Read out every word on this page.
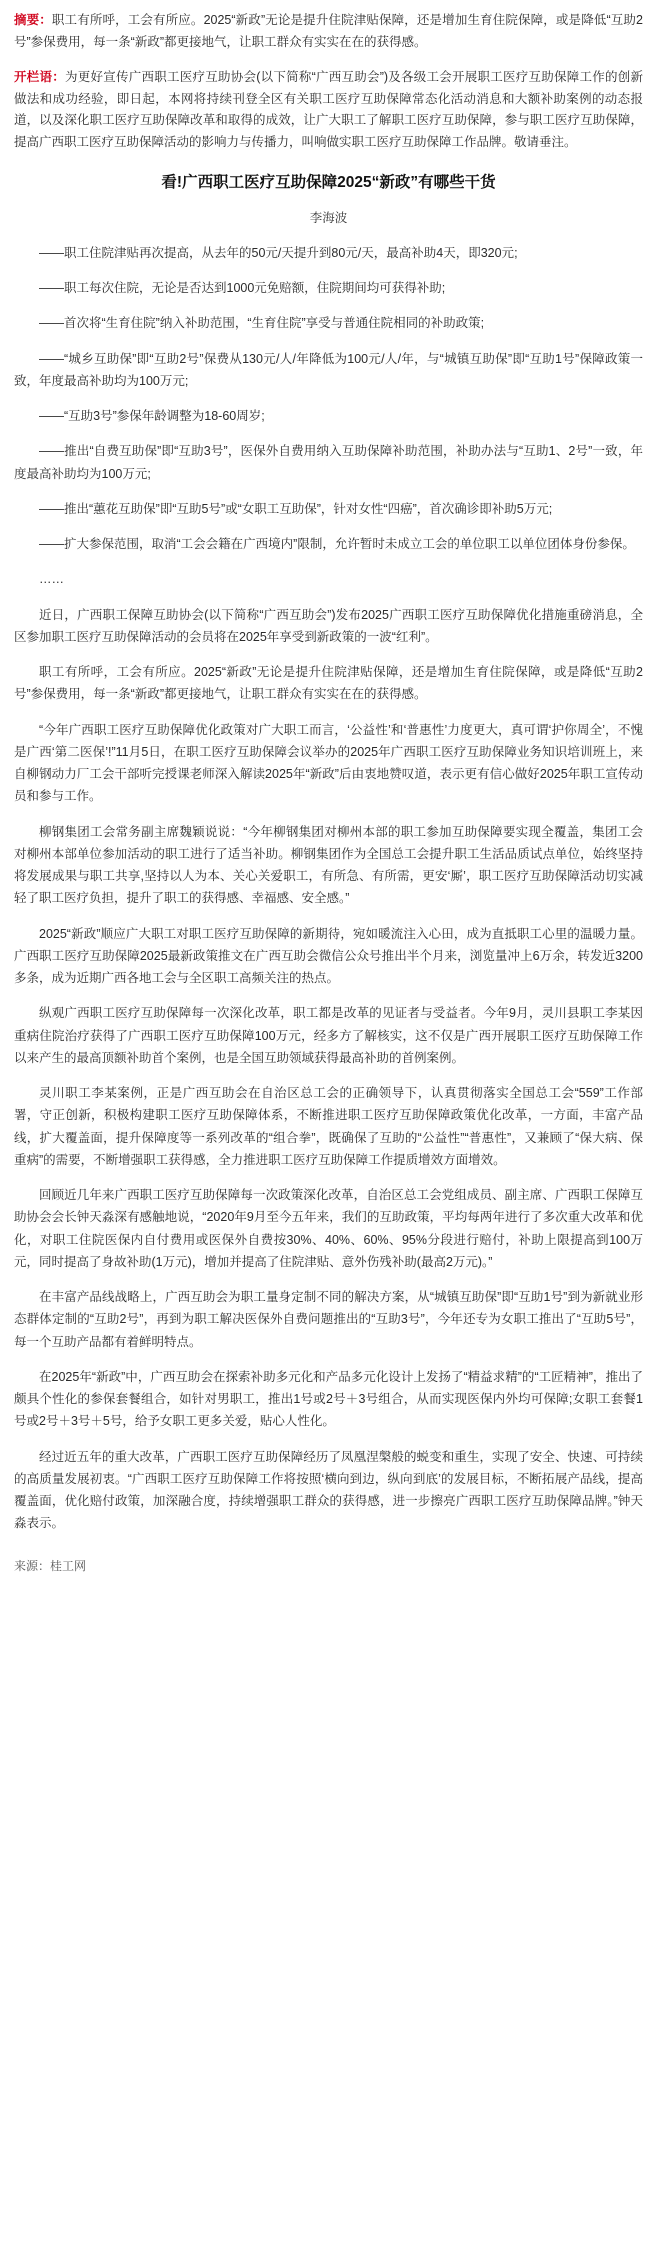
摘要：职工有所呼，工会有所应。2025“新政”无论是提升住院津贴保障，还是增加生育住院保障，或是降低“互助2号”参保费用，每一条“新政”都更接地气，让职工群众有实实在在的获得感。
开栏语：为更好宣传广西职工医疗互助协会(以下简称“广西互助会”)及各级工会开展职工医疗互助保障工作的创新做法和成功经验，即日起，本网将持续刊登全区有关职工医疗互助保障常态化活动消息和大额补助案例的动态报道，以及深化职工医疗互助保障改革和取得的成效，让广大职工了解职工医疗互助保障，参与职工医疗互助保障，提高广西职工医疗互助保障活动的影响力与传播力，叫响做实职工医疗互助保障工作品牌。敬请垂注。
看!广西职工医疗互助保障2025“新政”有哪些干货
李海波

——职工住院津贴再次提高，从去年的50元/天提升到80元/天，最高补助4天，即320元;

——职工每次住院，无论是否达到1000元免赔额，住院期间均可获得补助;

——首次将“生育住院”纳入补助范围，“生育住院”享受与普通住院相同的补助政策;

——“城乡互助保”即“互助2号”保费从130元/人/年降低为100元/人/年，与“城镇互助保”即“互助1号”保障政策一致，年度最高补助均为100万元;

——“互助3号”参保年龄调整为18-60周岁;

——推出“自费互助保”即“互助3号”，医保外自费用纳入互助保障补助范围，补助办法与“互助1、2号”一致，年度最高补助均为100万元;

——推出“蕙花互助保”即“互助5号”或“女职工互助保”，针对女性“四癌”，首次确诊即补助5万元;

——扩大参保范围，取消“工会会籍在广西境内”限制，允许暂时未成立工会的单位职工以单位团体身份参保。

……

近日，广西职工保障互助协会(以下简称“广西互助会”)发布2025广西职工医疗互助保障优化措施重磅消息，全区参加职工医疗互助保障活动的会员将在2025年享受到新政策的一波“红利”。

职工有所呼，工会有所应。2025“新政”无论是提升住院津贴保障，还是增加生育住院保障，或是降低“互助2号”参保费用，每一条“新政”都更接地气，让职工群众有实实在在的获得感。

“今年广西职工医疗互助保障优化政策对广大职工而言，‘公益性’和‘普惠性’力度更大，真可谓‘护你周全’，不愧是广西‘第二医保’!”11月5日，在职工医疗互助保障会议举办的2025年广西职工医疗互助保障业务知识培训班上，来自柳钢动力厂工会干部听完授课老师深入解读2025年“新政”后由衷地赞叹道，表示更有信心做好2025年职工宣传动员和参与工作。

柳钢集团工会常务副主席魏颖说说：“今年柳钢集团对柳州本部的职工参加互助保障要实现全覆盖，集团工会对柳州本部单位参加活动的职工进行了适当补助。柳钢集团作为全国总工会提升职工生活品质试点单位，始终坚持将发展成果与职工共享,坚持以人为本、关心关爱职工，有所急、有所需，更安‘厮’，职工医疗互助保障活动切实减轻了职工医疗负担，提升了职工的获得感、幸福感、安全感。”

2025“新政”顺应广大职工对职工医疗互助保障的新期待，宛如暖流注入心田，成为直抵职工心里的温暖力量。广西职工医疗互助保障2025最新政策推文在广西互助会微信公众号推出半个月来，浏览量冲上6万余，转发近3200多条，成为近期广西各地工会与全区职工高频关注的热点。

纵观广西职工医疗互助保障每一次深化改革，职工都是改革的见证者与受益者。今年9月，灵川县职工李某因重病住院治疗获得了广西职工医疗互助保障100万元，经多方了解核实，这不仅是广西开展职工医疗互助保障工作以来产生的最高顶额补助首个案例，也是全国互助领域获得最高补助的首例案例。

灵川职工李某案例，正是广西互助会在自治区总工会的正确领导下，认真贯彻落实全国总工会“559”工作部署，守正创新，积极构建职工医疗互助保障体系，不断推进职工医疗互助保障政策优化改革，一方面，丰富产品线，扩大覆盖面，提升保障度等一系列改革的“组合拳”，既确保了互助的“公益性”“普惠性”，又兼顾了“保大病、保重病”的需要，不断增强职工获得感，全力推进职工医疗互助保障工作提质增效方面增效。

回顾近几年来广西职工医疗互助保障每一次政策深化改革，自治区总工会党组成员、副主席、广西职工保障互助协会会长钟天淼深有感触地说，“2020年9月至今五年来，我们的互助政策，平均每两年进行了多次重大改革和优化，对职工住院医保内自付费用或医保外自费按30%、40%、60%、95%分段进行赔付，补助上限提高到100万元，同时提高了身故补助(1万元)，增加并提高了住院津贴、意外伤残补助(最高2万元)。”

在丰富产品线战略上，广西互助会为职工量身定制不同的解决方案，从“城镇互助保”即“互助1号”到为新就业形态群体定制的“互助2号”，再到为职工解决医保外自费问题推出的“互助3号”，今年还专为女职工推出了“互助5号”，每一个互助产品都有着鲜明特点。

在2025年“新政”中，广西互助会在探索补助多元化和产品多元化设计上发扬了“精益求精”的“工匠精神”，推出了颇具个性化的参保套餐组合，如针对男职工，推出1号或2号＋3号组合，从而实现医保内外均可保障;女职工套餐1号或2号＋3号＋5号，给予女职工更多关爱，贴心人性化。

经过近五年的重大改革，广西职工医疗互助保障经历了凤凰涅槃般的蜕变和重生，实现了安全、快速、可持续的高质量发展初衷。“广西职工医疗互助保障工作将按照‘横向到边，纵向到底’的发展目标，不断拓展产品线，提高覆盖面，优化赔付政策，加深融合度，持续增强职工群众的获得感，进一步擦亮广西职工医疗互助保障品牌。”钟天淼表示。

来源：桂工网
